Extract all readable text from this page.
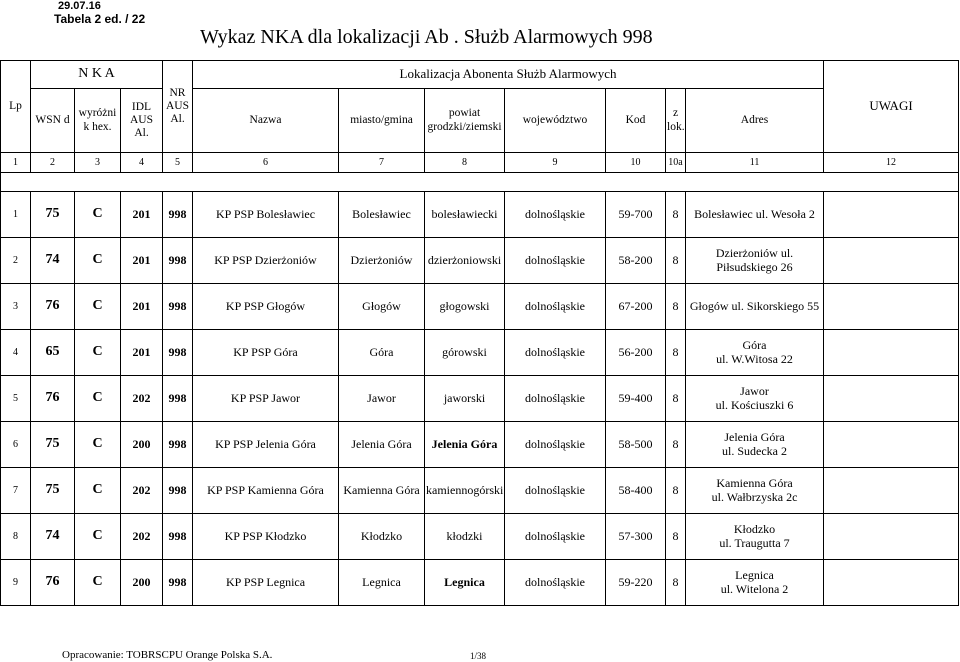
29.07.16
Tabela 2 ed. / 22
Wykaz NKA dla lokalizacji Ab . Służb Alarmowych 998
Lp	N K A			NR AUS Al.	Lokalizacja Abonenta Służb Alarmowych							UWAGI
	WSN d	wyróżni k hex.	IDL AUS Al.		Nazwa	miasto/gmina	powiat grodzki/ziemski	województwo	Kod	z lok.	Adres	
1	2	3	4	5	6	7	8	9	10	10a	11	12

1	75	C	201	998	KP PSP Bolesławiec	Bolesławiec	bolesławiecki	dolnośląskie	59-700	8	Bolesławiec ul. Wesoła 2	

2	74	C	201	998	KP PSP Dzierżoniów	Dzierżoniów	dzierżoniowski	dolnośląskie	58-200	8	Dzierżoniów ul.
Piłsudskiego 26	

3	76	C	201	998	KP PSP Głogów	Głogów	głogowski	dolnośląskie	67-200	8	Głogów ul. Sikorskiego 55	

4	65	C	201	998	KP PSP Góra	Góra	górowski	dolnośląskie	56-200	8	Góra
ul. W.Witosa 22	

5	76	C	202	998	KP PSP Jawor	Jawor	jaworski	dolnośląskie	59-400	8	Jawor
ul. Kościuszki 6	

6	75	C	200	998	KP PSP Jelenia Góra	Jelenia Góra	Jelenia Góra	dolnośląskie	58-500	8	Jelenia Góra
ul. Sudecka 2	

7	75	C	202	998	KP PSP Kamienna Góra	Kamienna Góra	kamiennogórski	dolnośląskie	58-400	8	Kamienna Góra
ul. Wałbrzyska 2c	

8	74	C	202	998	KP PSP Kłodzko	Kłodzko	kłodzki	dolnośląskie	57-300	8	Kłodzko
ul. Traugutta 7	

9	76	C	200	998	KP PSP Legnica	Legnica	Legnica	dolnośląskie	59-220	8	Legnica
ul. Witelona 2	

Opracowanie: TOBRSCPU Orange Polska S.A.	1/38
